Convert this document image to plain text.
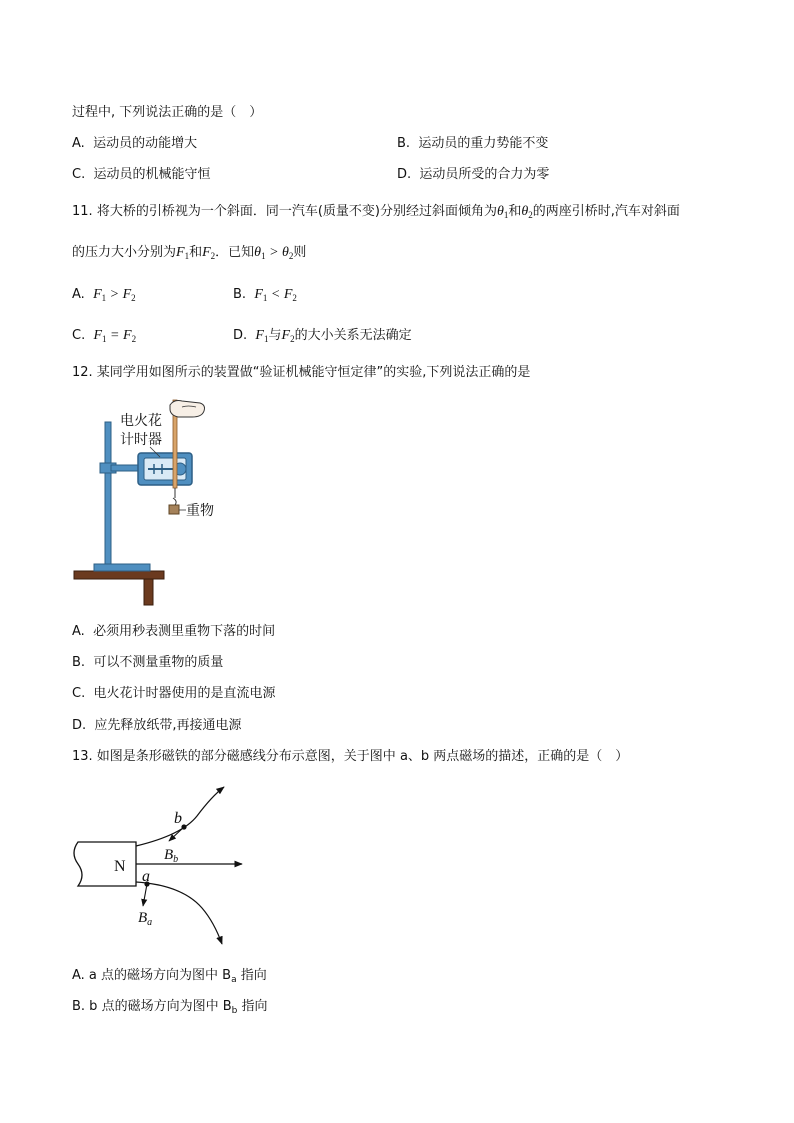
过程中, 下列说法正确的是（　）
A. 运动员的动能增大	B. 运动员的重力势能不变
C. 运动员的机械能守恒	D. 运动员所受的合力为零
11. 将大桥的引桥视为一个斜面．同一汽车(质量不变)分别经过斜面倾角为$\theta_1$和$\theta_2$的两座引桥时,汽车对斜面
的压力大小分别为$F_1$和$F_2$．已知$\theta_1 > \theta_2$则
A. $F_1 > F_2$	B. $F_1 < F_2$
C. $F_1 = F_2$	D. $F_1$与$F_2$的大小关系无法确定
12. 某同学用如图所示的装置做“验证机械能守恒定律”的实验,下列说法正确的是
电火花
计时器
重物
A. 必须用秒表测里重物下落的时间
B. 可以不测量重物的质量
C. 电火花计时器使用的是直流电源
D. 应先释放纸带,再接通电源
13. 如图是条形磁铁的部分磁感线分布示意图，关于图中 a、b 两点磁场的描述，正确的是（　）
N
b
$B_b$
a
$B_a$
A. a 点的磁场方向为图中 $B_a$ 指向
B. b 点的磁场方向为图中 $B_b$ 指向
